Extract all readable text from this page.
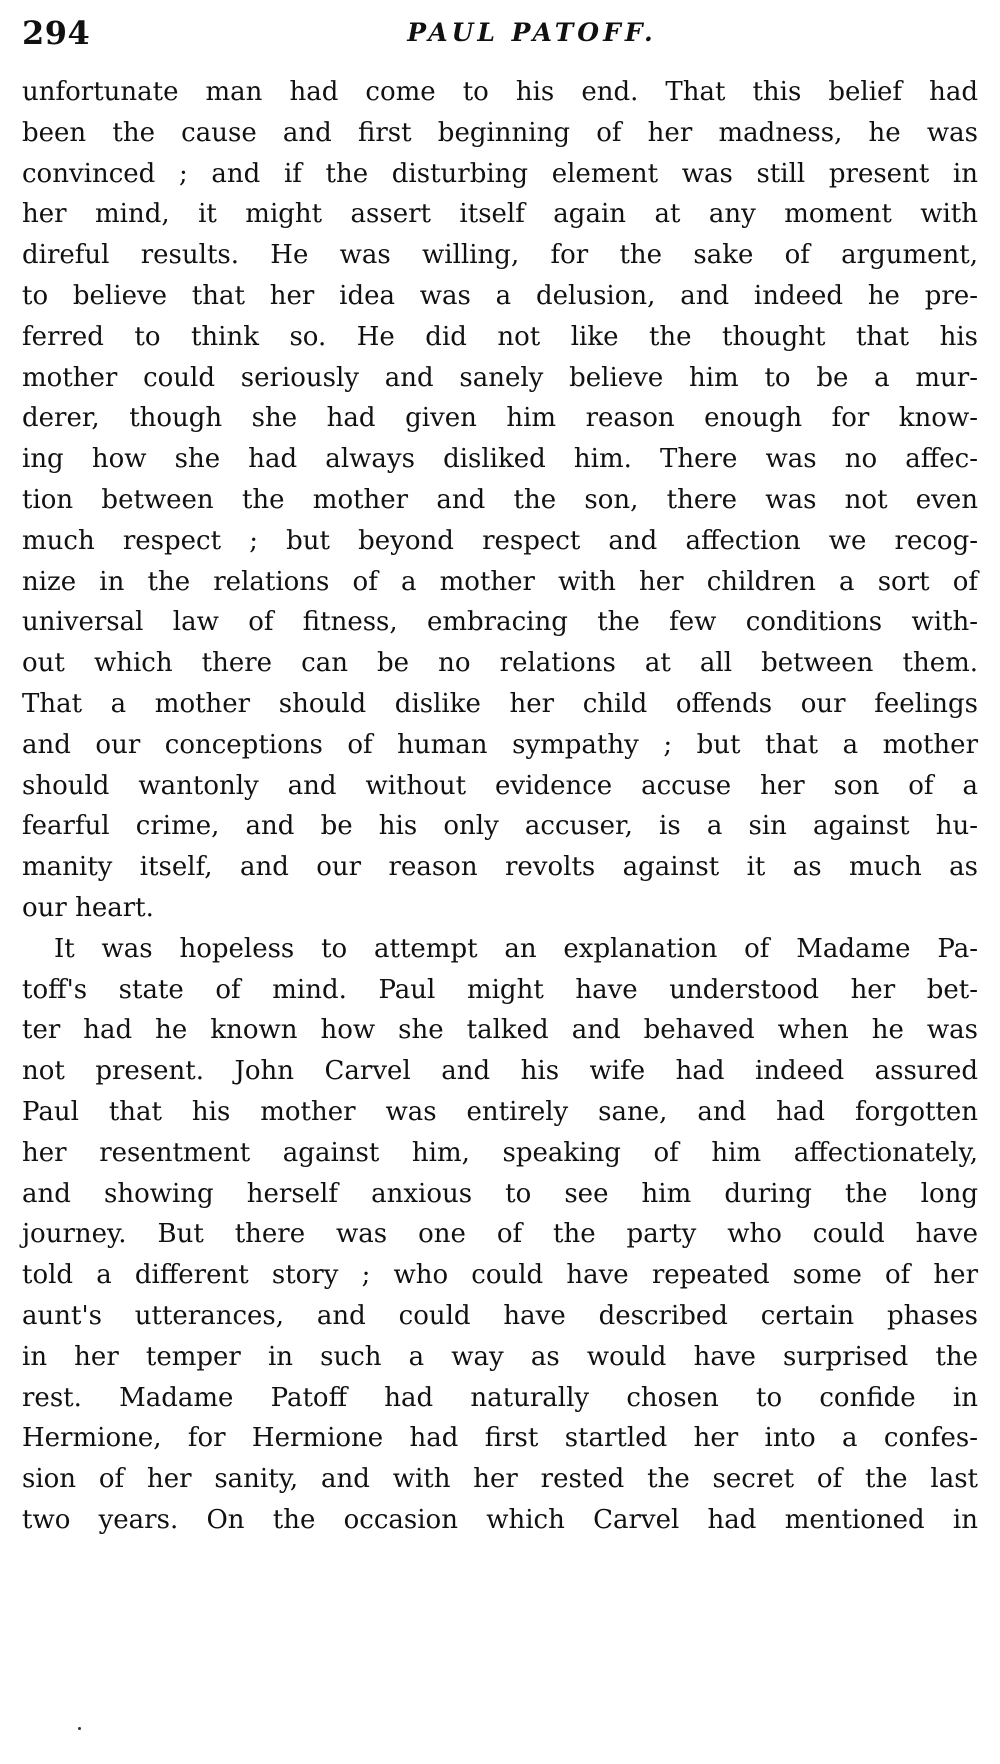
294	PAUL PATOFF.
unfortunate man had come to his end. That this belief had
been the cause and first beginning of her madness, he was
convinced ; and if the disturbing element was still present in
her mind, it might assert itself again at any moment with
direful results. He was willing, for the sake of argument,
to believe that her idea was a delusion, and indeed he pre-
ferred to think so. He did not like the thought that his
mother could seriously and sanely believe him to be a mur-
derer, though she had given him reason enough for know-
ing how she had always disliked him. There was no affec-
tion between the mother and the son, there was not even
much respect ; but beyond respect and affection we recog-
nize in the relations of a mother with her children a sort of
universal law of fitness, embracing the few conditions with-
out which there can be no relations at all between them.
That a mother should dislike her child offends our feelings
and our conceptions of human sympathy ; but that a mother
should wantonly and without evidence accuse her son of a
fearful crime, and be his only accuser, is a sin against hu-
manity itself, and our reason revolts against it as much as
our heart.
It was hopeless to attempt an explanation of Madame Pa-
toff's state of mind. Paul might have understood her bet-
ter had he known how she talked and behaved when he was
not present. John Carvel and his wife had indeed assured
Paul that his mother was entirely sane, and had forgotten
her resentment against him, speaking of him affectionately,
and showing herself anxious to see him during the long
journey. But there was one of the party who could have
told a different story ; who could have repeated some of her
aunt's utterances, and could have described certain phases
in her temper in such a way as would have surprised the
rest. Madame Patoff had naturally chosen to confide in
Hermione, for Hermione had first startled her into a confes-
sion of her sanity, and with her rested the secret of the last
two years. On the occasion which Carvel had mentioned in
